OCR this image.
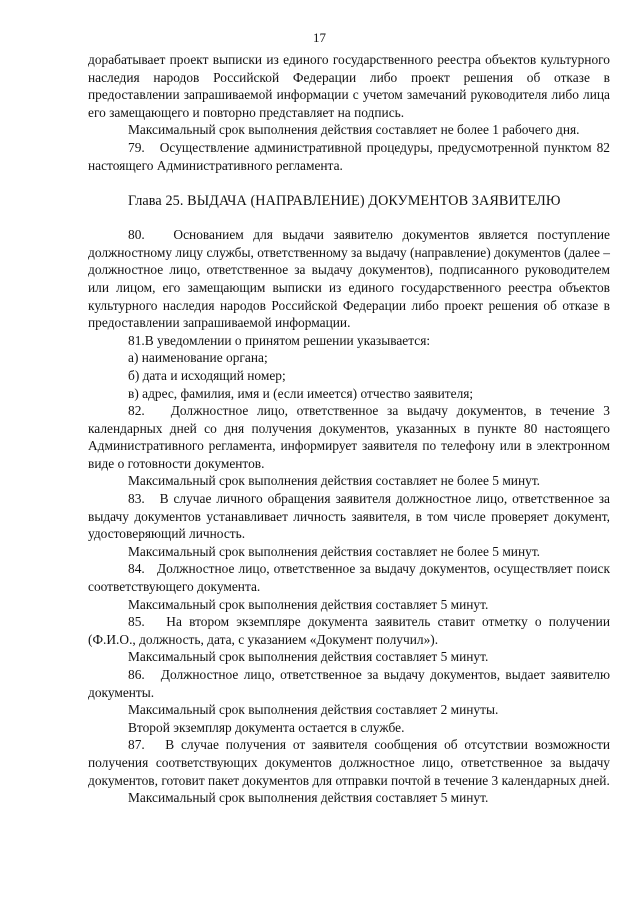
17

дорабатывает проект выписки из единого государственного реестра объектов культурного наследия народов Российской Федерации либо проект решения об отказе в предоставлении запрашиваемой информации с учетом замечаний руководителя либо лица его замещающего и повторно представляет на подпись.

Максимальный срок выполнения действия составляет не более 1 рабочего дня.

79.   Осуществление административной процедуры, предусмотренной пунктом 82 настоящего Административного регламента.

Глава 25. ВЫДАЧА (НАПРАВЛЕНИЕ) ДОКУМЕНТОВ ЗАЯВИТЕЛЮ

80.   Основанием для выдачи заявителю документов является поступление должностному лицу службы, ответственному за выдачу (направление) документов (далее – должностное лицо, ответственное за выдачу документов), подписанного руководителем или лицом, его замещающим выписки из единого государственного реестра объектов культурного наследия народов Российской Федерации либо проект решения об отказе в предоставлении запрашиваемой информации.

81.В уведомлении о принятом решении указывается:

а) наименование органа;

б) дата и исходящий номер;

в) адрес, фамилия, имя и (если имеется) отчество заявителя;

82.   Должностное лицо, ответственное за выдачу документов, в течение 3 календарных дней со дня получения документов, указанных в пункте 80 настоящего Административного регламента, информирует заявителя по телефону или в электронном виде о готовности документов.

Максимальный срок выполнения действия составляет не более 5 минут.

83.   В случае личного обращения заявителя должностное лицо, ответственное за выдачу документов устанавливает личность заявителя, в том числе проверяет документ, удостоверяющий личность.

Максимальный срок выполнения действия составляет не более 5 минут.

84.   Должностное лицо, ответственное за выдачу документов, осуществляет поиск соответствующего документа.

Максимальный срок выполнения действия составляет 5 минут.

85.   На втором экземпляре документа заявитель ставит отметку о получении (Ф.И.О., должность, дата, с указанием «Документ получил»).

Максимальный срок выполнения действия составляет 5 минут.

86.   Должностное лицо, ответственное за выдачу документов, выдает заявителю документы.

Максимальный срок выполнения действия составляет 2 минуты.

Второй экземпляр документа остается в службе.

87.   В случае получения от заявителя сообщения об отсутствии возможности получения соответствующих документов должностное лицо, ответственное за выдачу документов, готовит пакет документов для отправки почтой в течение 3 календарных дней.

Максимальный срок выполнения действия составляет 5 минут.
